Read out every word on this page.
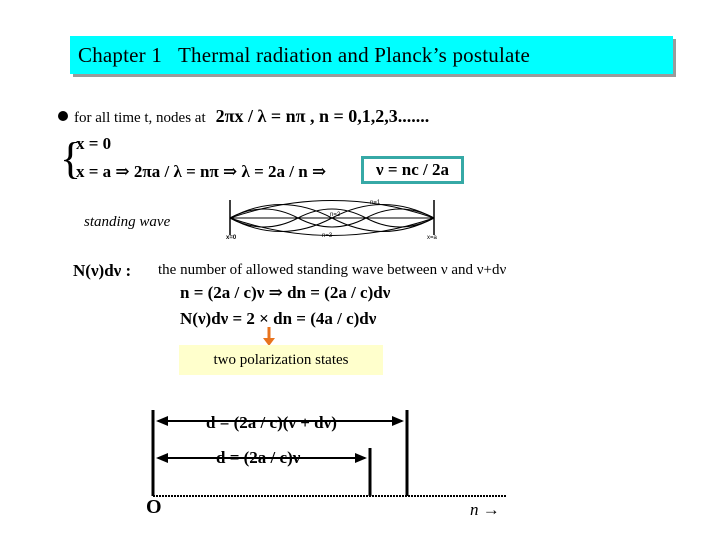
Chapter 1   Thermal radiation and Planck’s postulate
for all time t, nodes at 2πx / λ = nπ , n = 0,1,2,3.......
{
x = 0
x = a ⇒ 2πa / λ = nπ ⇒ λ = 2a / n ⇒	ν = nc / 2a
standing wave
n=1
n=2
n=3
x=0	x=a
N(ν)dν : the number of allowed standing wave between ν and ν+dν
n = (2a / c)ν ⇒ dn = (2a / c)dν
N(ν)dν = 2 × dn = (4a / c)dν
two polarization states
d = (2a / c)(ν + dν)
d = (2a / c)ν
O	n →
